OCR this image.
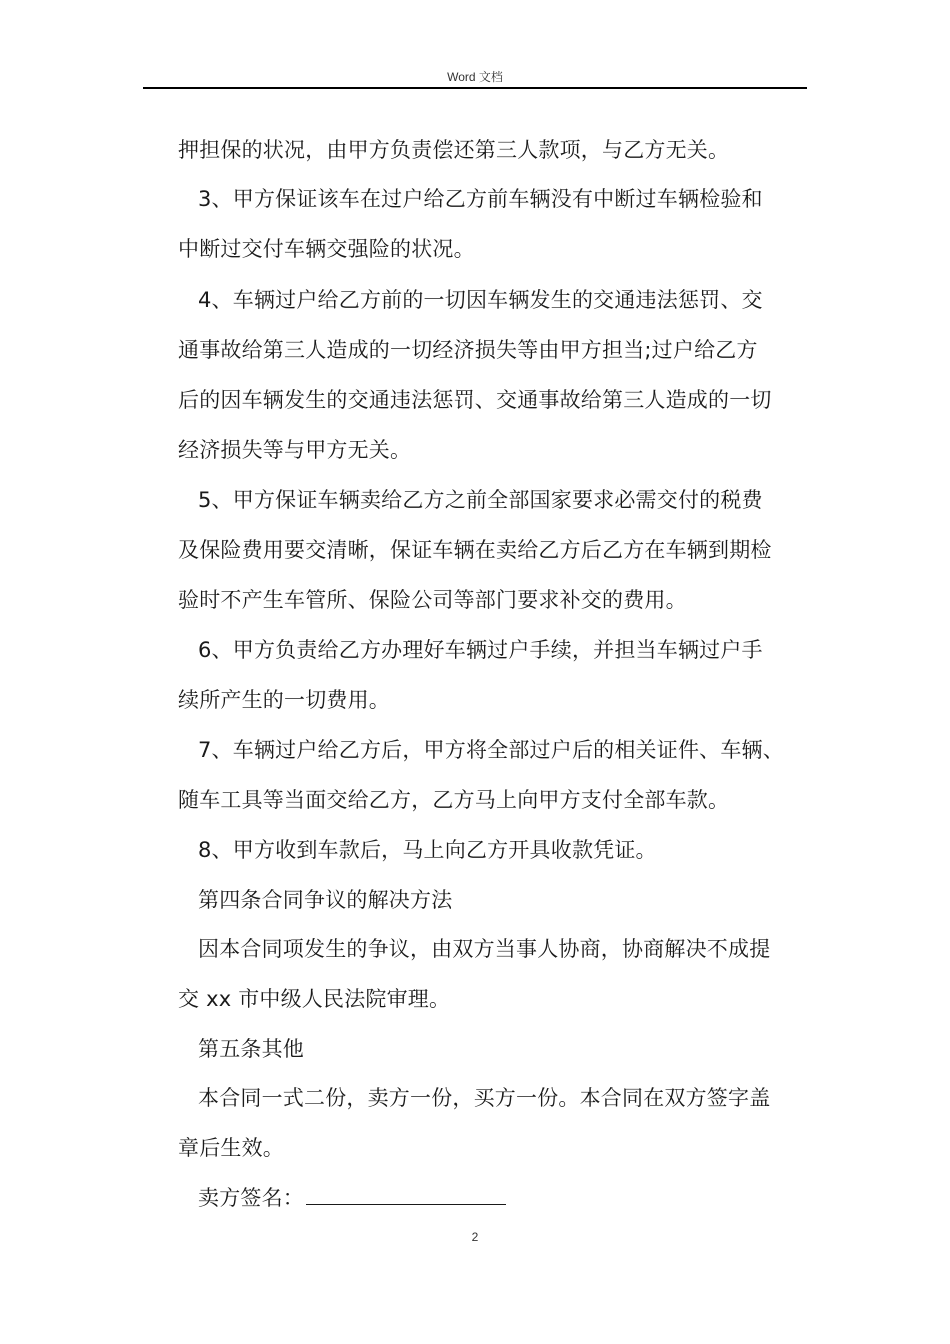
Word 文档
押担保的状况，由甲方负责偿还第三人款项，与乙方无关。
3、甲方保证该车在过户给乙方前车辆没有中断过车辆检验和
中断过交付车辆交强险的状况。
4、车辆过户给乙方前的一切因车辆发生的交通违法惩罚、交
通事故给第三人造成的一切经济损失等由甲方担当;过户给乙方
后的因车辆发生的交通违法惩罚、交通事故给第三人造成的一切
经济损失等与甲方无关。
5、甲方保证车辆卖给乙方之前全部国家要求必需交付的税费
及保险费用要交清晰，保证车辆在卖给乙方后乙方在车辆到期检
验时不产生车管所、保险公司等部门要求补交的费用。
6、甲方负责给乙方办理好车辆过户手续，并担当车辆过户手
续所产生的一切费用。
7、车辆过户给乙方后，甲方将全部过户后的相关证件、车辆、
随车工具等当面交给乙方，乙方马上向甲方支付全部车款。
8、甲方收到车款后，马上向乙方开具收款凭证。
第四条合同争议的解决方法
因本合同项发生的争议，由双方当事人协商，协商解决不成提
交 xx 市中级人民法院审理。
第五条其他
本合同一式二份，卖方一份，买方一份。本合同在双方签字盖
章后生效。
卖方签名：
2
